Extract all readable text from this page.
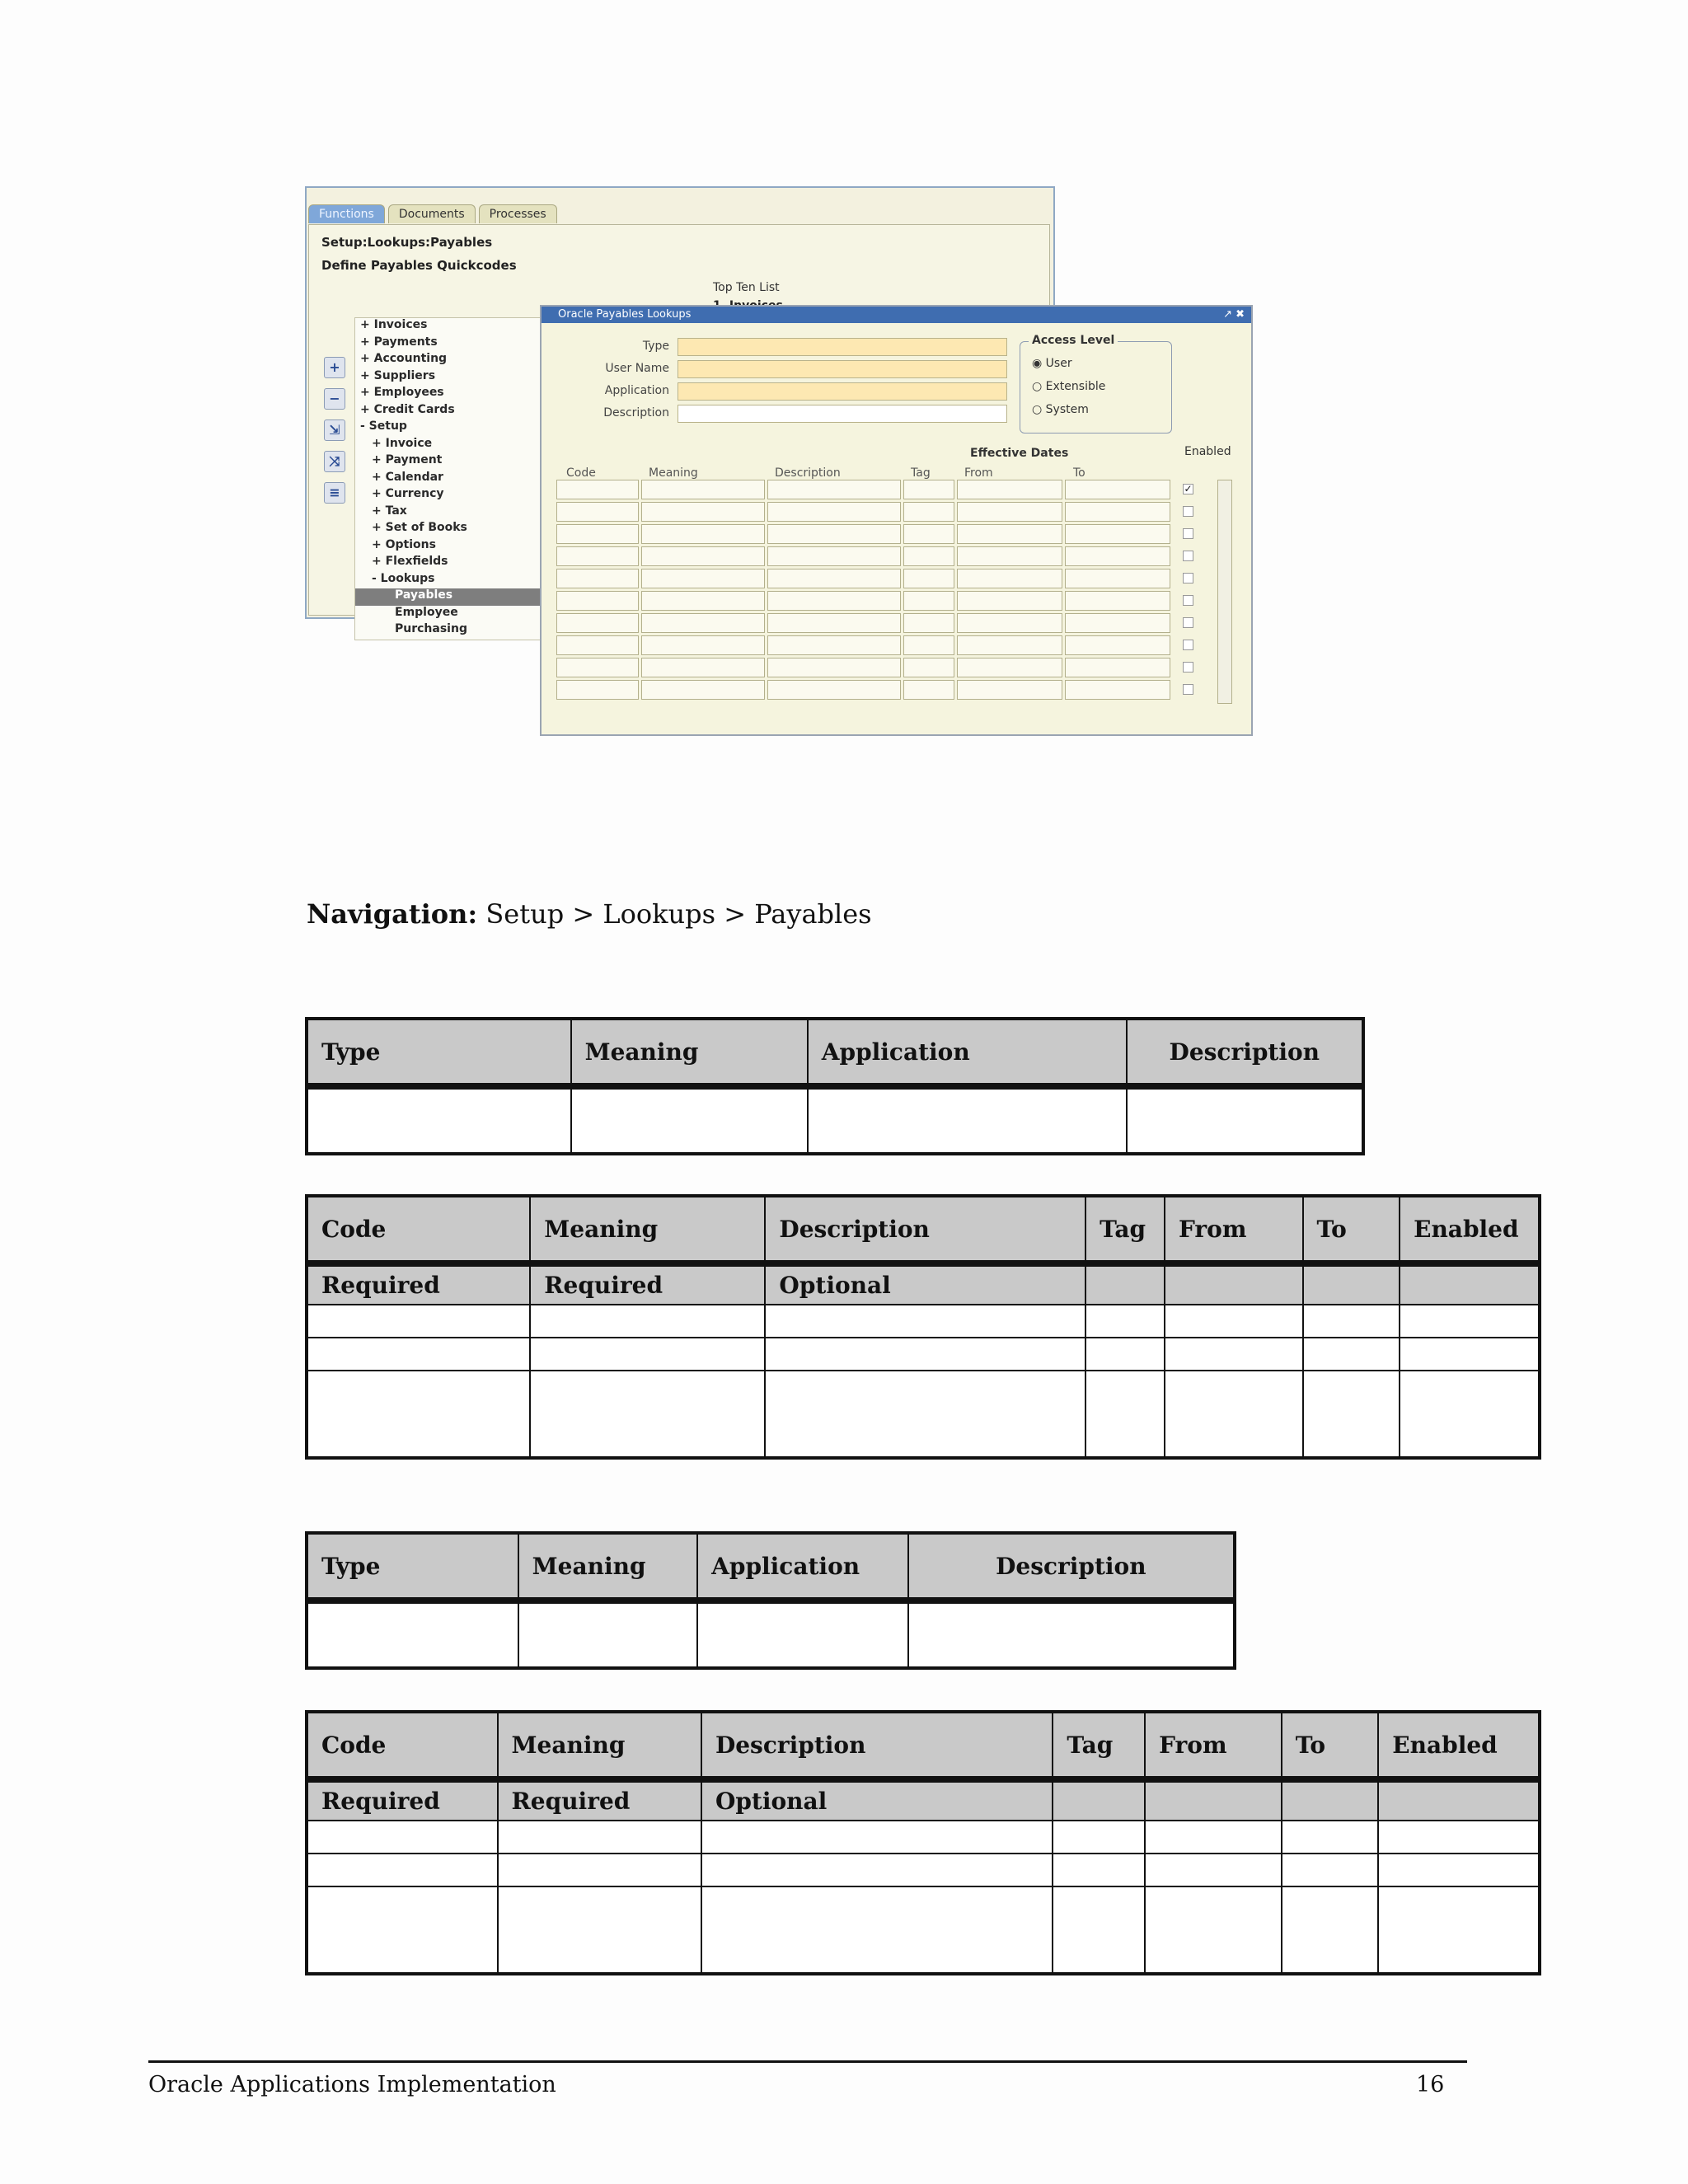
Functions	Documents	Processes
Setup:Lookups:Payables
Define Payables Quickcodes
Top Ten List
+
−
⇲
⤨
≡
+ Invoices
+ Payments
+ Accounting
+ Suppliers
+ Employees
+ Credit Cards
- Setup
+ Invoice
+ Payment
+ Calendar
+ Currency
+ Tax
+ Set of Books
+ Options
+ Flexfields
- Lookups
Payables
Employee
Purchasing
Oracle Payables Lookups	↗ ✖
Type
User Name
Application
Description
Access Level
◉ User
○ Extensible
○ System
Effective Dates	Enabled
Code	Meaning	Description	Tag	From	To
✓
Navigation: Setup > Lookups > Payables
Type	Meaning	Application	Description

Code	Meaning	Description	Tag	From	To	Enabled
Required	Required	Optional				

Type	Meaning	Application	Description

Code	Meaning	Description	Tag	From	To	Enabled
Required	Required	Optional				

Oracle Applications Implementation	16
